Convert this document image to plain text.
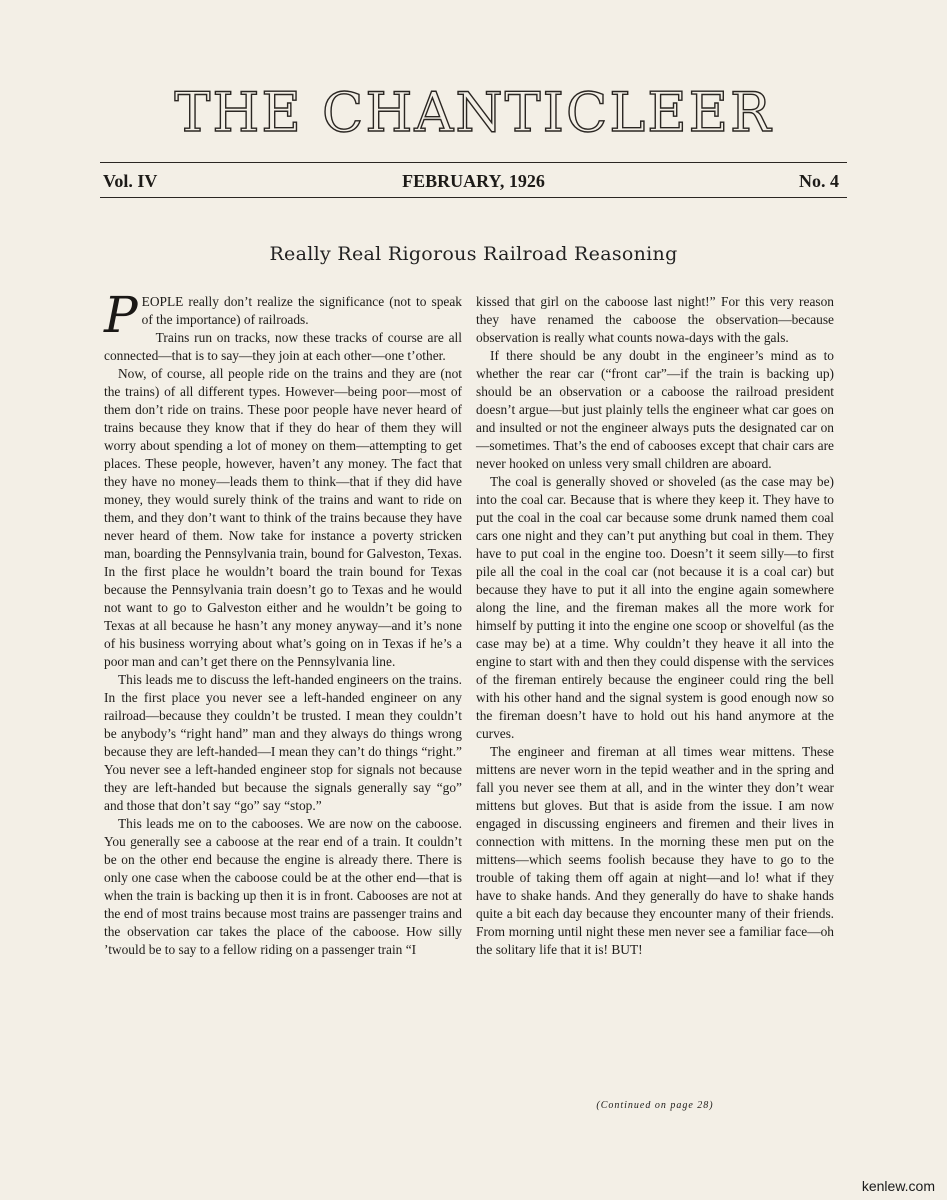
THE CHANTICLEER
Vol. IV	FEBRUARY, 1926	No. 4
Really Real Rigorous Railroad Reasoning

PEOPLE really don’t realize the significance (not to speak of the importance) of railroads.

Trains run on tracks, now these tracks of course are all connected—that is to say—they join at each other—one t’other.

Now, of course, all people ride on the trains and they are (not the trains) of all different types. However—being poor—most of them don’t ride on trains. These poor people have never heard of trains because they know that if they do hear of them they will worry about spending a lot of money on them—attempting to get places. These people, however, haven’t any money. The fact that they have no money—leads them to think—that if they did have money, they would surely think of the trains and want to ride on them, and they don’t want to think of the trains because they have never heard of them. Now take for instance a poverty stricken man, boarding the Pennsylvania train, bound for Galveston, Texas. In the first place he wouldn’t board the train bound for Texas because the Pennsylvania train doesn’t go to Texas and he would not want to go to Galveston either and he wouldn’t be going to Texas at all because he hasn’t any money anyway—and it’s none of his business worrying about what’s going on in Texas if he’s a poor man and can’t get there on the Pennsylvania line.

This leads me to discuss the left-handed engineers on the trains. In the first place you never see a left-handed engineer on any railroad—because they couldn’t be trusted. I mean they couldn’t be anybody’s “right hand” man and they always do things wrong because they are left-handed—I mean they can’t do things “right.” You never see a left-handed engineer stop for signals not because they are left-handed but because the signals generally say “go” and those that don’t say “go” say “stop.”

This leads me on to the cabooses. We are now on the caboose. You generally see a caboose at the rear end of a train. It couldn’t be on the other end because the engine is already there. There is only one case when the caboose could be at the other end—that is when the train is backing up then it is in front. Cabooses are not at the end of most trains because most trains are passenger trains and the observation car takes the place of the caboose. How silly ’twould be to say to a fellow riding on a passenger train “I

kissed that girl on the caboose last night!” For this very reason they have renamed the caboose the observation—because observation is really what counts nowa-days with the gals.

If there should be any doubt in the engineer’s mind as to whether the rear car (“front car”—if the train is backing up) should be an observation or a caboose the railroad president doesn’t argue—but just plainly tells the engineer what car goes on and insulted or not the engineer always puts the designated car on—sometimes. That’s the end of cabooses except that chair cars are never hooked on unless very small children are aboard.

The coal is generally shoved or shoveled (as the case may be) into the coal car. Because that is where they keep it. They have to put the coal in the coal car because some drunk named them coal cars one night and they can’t put anything but coal in them. They have to put coal in the engine too. Doesn’t it seem silly—to first pile all the coal in the coal car (not because it is a coal car) but because they have to put it all into the engine again somewhere along the line, and the fireman makes all the more work for himself by putting it into the engine one scoop or shovelful (as the case may be) at a time. Why couldn’t they heave it all into the engine to start with and then they could dispense with the services of the fireman entirely because the engineer could ring the bell with his other hand and the signal system is good enough now so the fireman doesn’t have to hold out his hand anymore at the curves.

The engineer and fireman at all times wear mittens. These mittens are never worn in the tepid weather and in the spring and fall you never see them at all, and in the winter they don’t wear mittens but gloves. But that is aside from the issue. I am now engaged in discussing engineers and firemen and their lives in connection with mittens. In the morning these men put on the mittens—which seems foolish because they have to go to the trouble of taking them off again at night—and lo! what if they have to shake hands. And they generally do have to shake hands quite a bit each day because they encounter many of their friends. From morning until night these men never see a familiar face—oh the solitary life that it is! BUT!

(Continued on page 28)
kenlew.com
